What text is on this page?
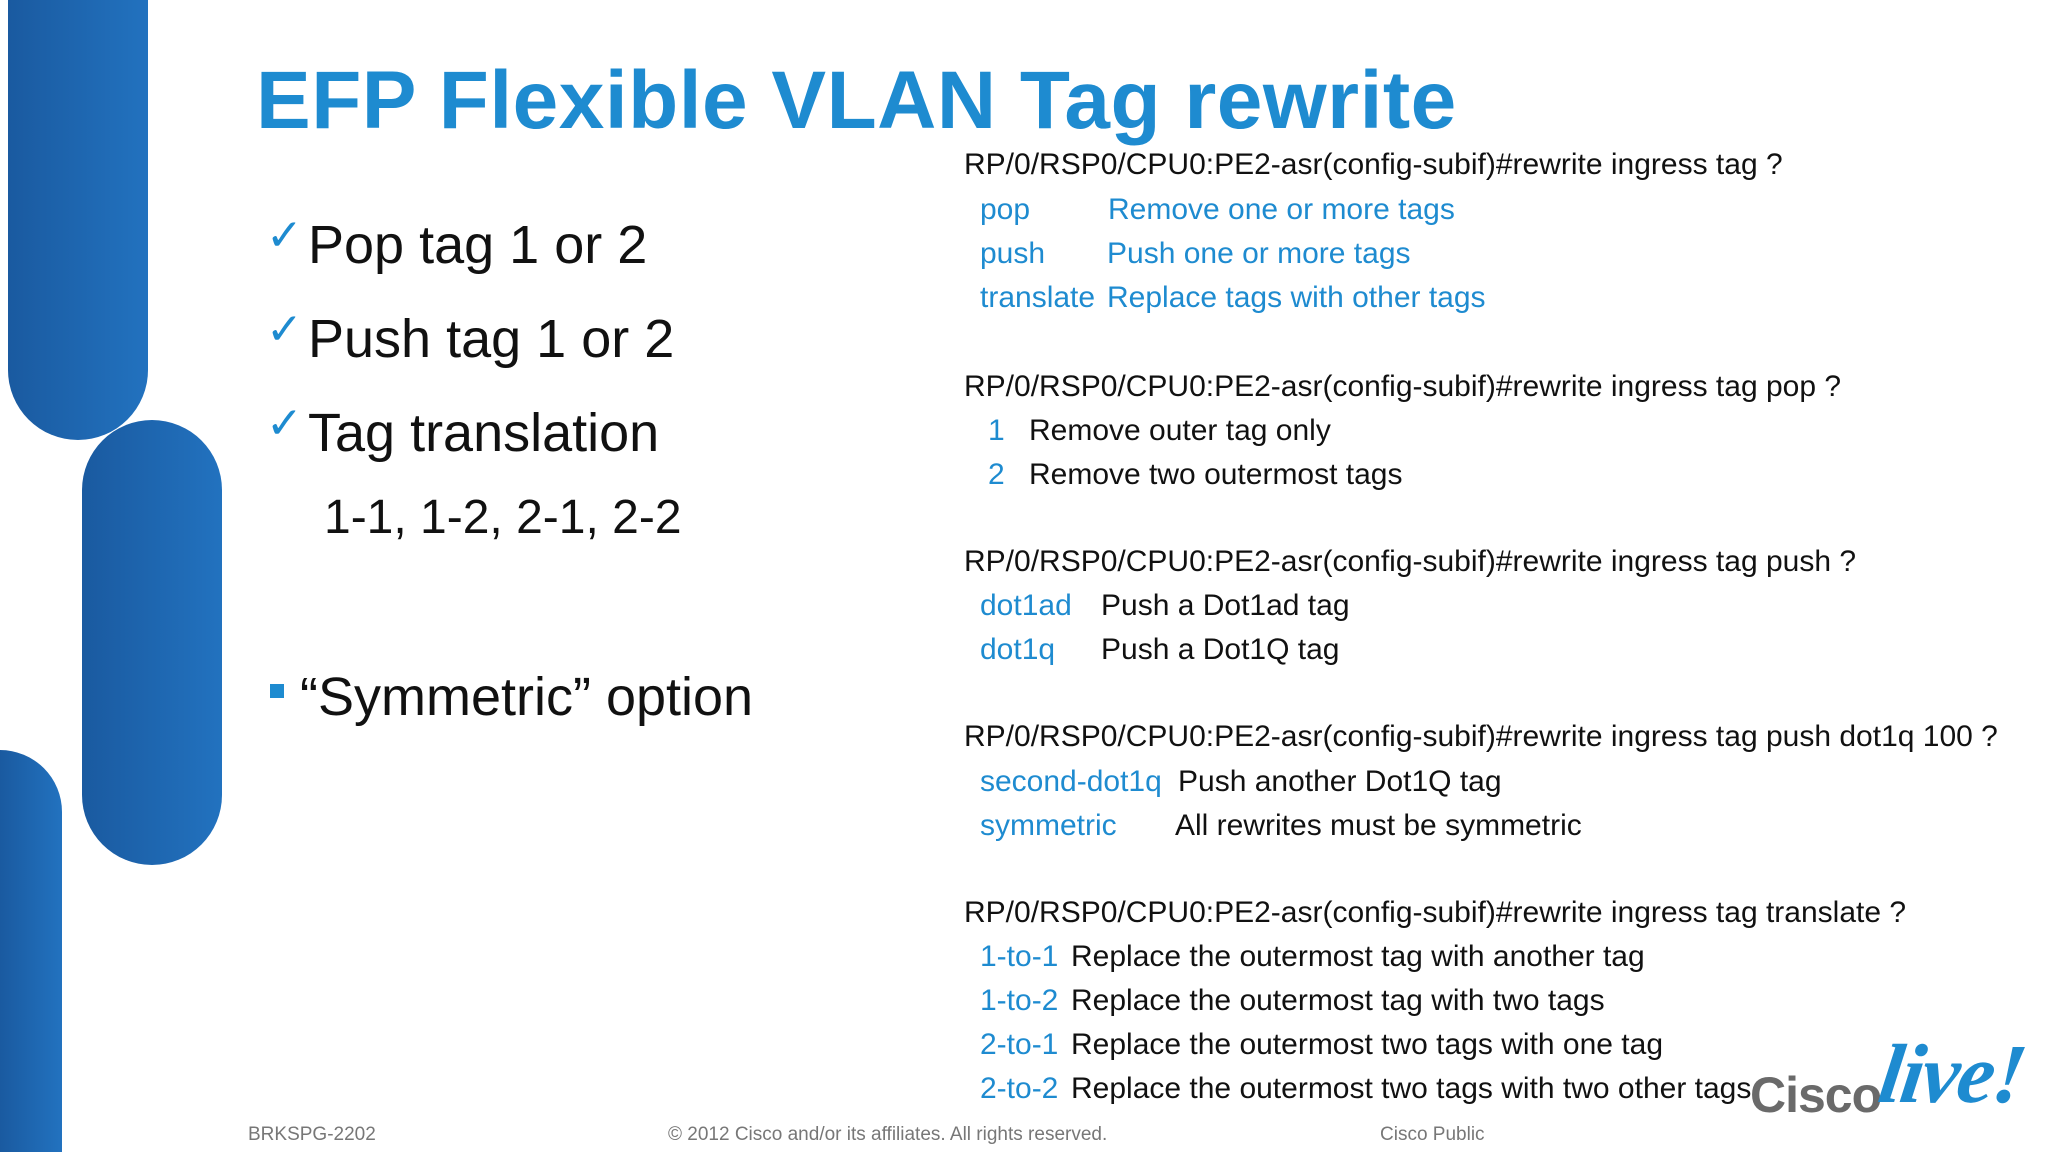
EFP Flexible VLAN Tag rewrite
✓ Pop tag 1 or 2
✓ Push tag 1 or 2
✓ Tag translation
1-1, 1-2, 2-1, 2-2
“Symmetric” option
RP/0/RSP0/CPU0:PE2-asr(config-subif)#rewrite ingress tag ?
pop	Remove one or more tags
push Push one or more tags
translate Replace tags with other tags
RP/0/RSP0/CPU0:PE2-asr(config-subif)#rewrite ingress tag pop ?
1 Remove outer tag only
2 Remove two outermost tags
RP/0/RSP0/CPU0:PE2-asr(config-subif)#rewrite ingress tag push ?
dot1ad Push a Dot1ad tag
dot1q Push a Dot1Q tag
RP/0/RSP0/CPU0:PE2-asr(config-subif)#rewrite ingress tag push dot1q 100 ?
second-dot1q Push another Dot1Q tag
symmetric All rewrites must be symmetric
RP/0/RSP0/CPU0:PE2-asr(config-subif)#rewrite ingress tag translate ?
1-to-1 Replace the outermost tag with another tag
1-to-2 Replace the outermost tag with two tags
2-to-1 Replace the outermost two tags with one tag
2-to-2 Replace the outermost two tags with two other tags
BRKSPG-2202	© 2012 Cisco and/or its affiliates. All rights reserved.	Cisco Public
Cisco
live!
